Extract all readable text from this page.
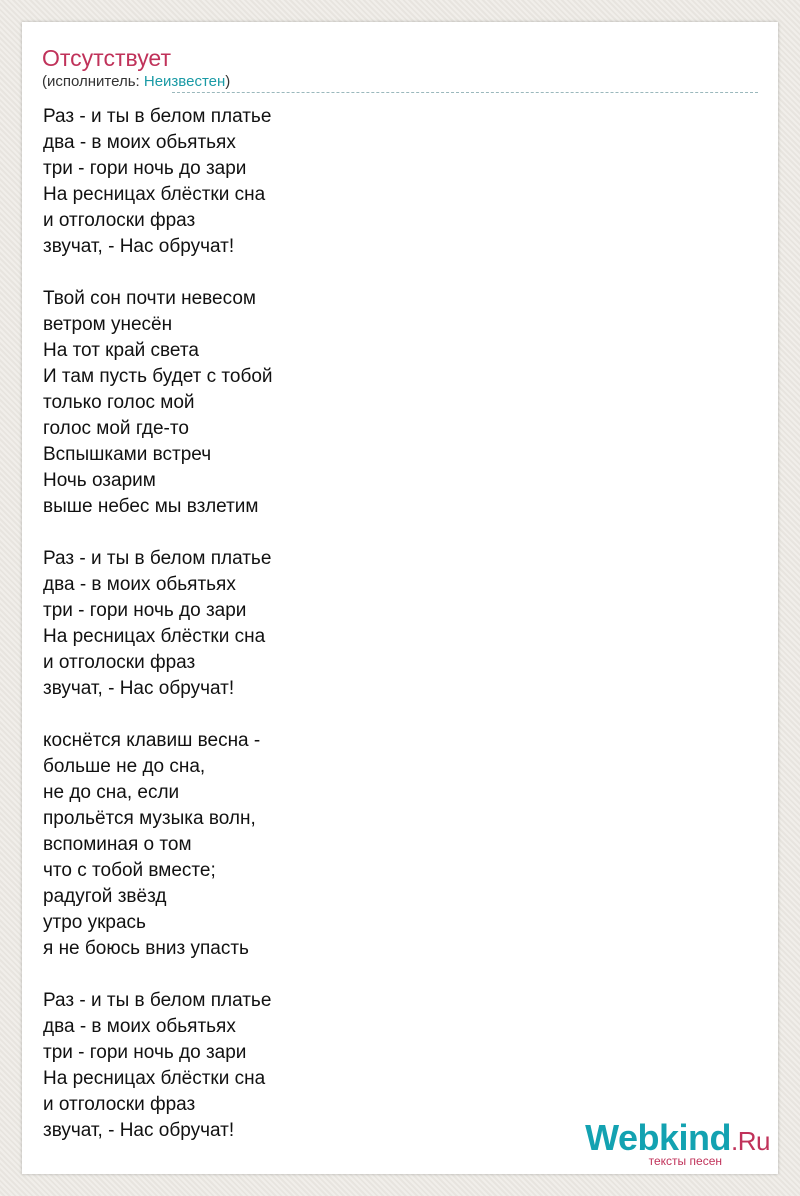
Отсутствует
(исполнитель: Неизвестен)
Раз - и ты в белом платье
два - в моих обьятьях
три - гори ночь до зари
На ресницах блёстки сна
и отголоски фраз
звучат, - Нас обручат!
Твой сон почти невесом
ветром унесён
На тот край света
И там пусть будет с тобой
только голос мой
голос мой где-то
Вспышками встреч
Ночь озарим
выше небес мы взлетим
Раз - и ты в белом платье
два - в моих обьятьях
три - гори ночь до зари
На ресницах блёстки сна
и отголоски фраз
звучат, - Нас обручат!
коснётся клавиш весна -
больше не до сна,
не до сна, если
прольётся музыка волн,
вспоминая о том
что с тобой вместе;
радугой звёзд
утро укрась
я не боюсь вниз упасть
Раз - и ты в белом платье
два - в моих обьятьях
три - гори ночь до зари
На ресницах блёстки сна
и отголоски фраз
звучат, - Нас обручат!	Webkind.Ru
тексты песен
